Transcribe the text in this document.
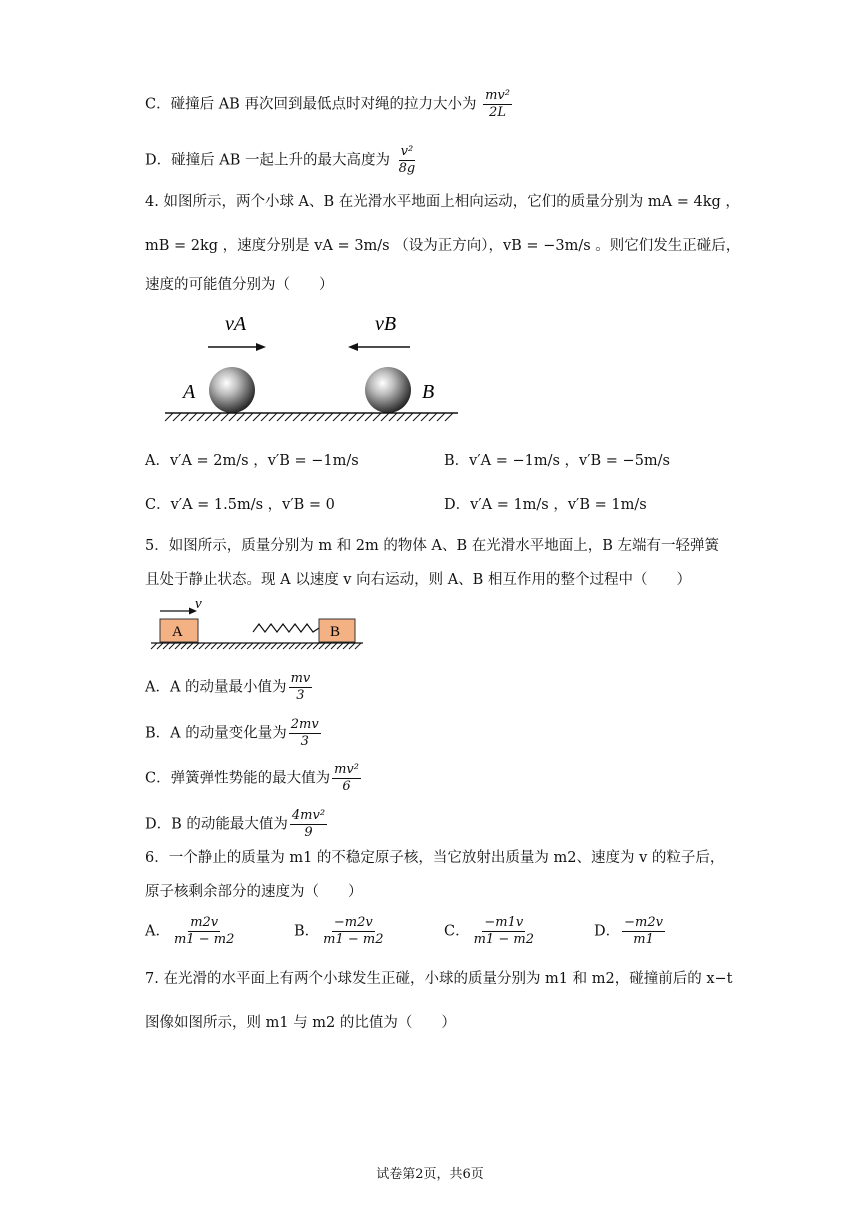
C．碰撞后 AB 再次回到最低点时对绳的拉力大小为 $\frac{\text{mv²}}{2L}$
D．碰撞后 AB 一起上升的最大高度为 $\frac{\text{v²}}{8g}$
4. 如图所示，两个小球 A、B 在光滑水平地面上相向运动，它们的质量分别为 mA = 4kg ，
mB = 2kg ，速度分别是 vA = 3m/s （设为正方向），vB = −3m/s 。则它们发生正碰后，
速度的可能值分别为（　　）
vA	vB
A	B
A．v′A = 2m/s ，v′B = −1m/s	B．v′A = −1m/s ，v′B = −5m/s
C．v′A = 1.5m/s ，v′B = 0	D．v′A = 1m/s ，v′B = 1m/s
5．如图所示，质量分别为 m 和 2m 的物体 A、B 在光滑水平地面上，B 左端有一轻弹簧
且处于静止状态。现 A 以速度 v 向右运动，则 A、B 相互作用的整个过程中（　　）
v
A	B
A．A 的动量最小值为 $\frac{mv}{3}$
B．A 的动量变化量为 $\frac{2mv}{3}$
C．弹簧弹性势能的最大值为 $\frac{\text{mv²}}{6}$
D．B 的动能最大值为 $\frac{\text{4mv²}}{9}$
6．一个静止的质量为 m1 的不稳定原子核，当它放射出质量为 m2、速度为 v 的粒子后，
原子核剩余部分的速度为（　　）
A． $\frac{m2v}{m1 - m2}$	B． $\frac{-m2v}{m1 - m2}$	C． $\frac{-m1v}{m1 - m2}$	D． $\frac{-m2v}{m1}$
7. 在光滑的水平面上有两个小球发生正碰，小球的质量分别为 m1 和 m2，碰撞前后的 x−t
图像如图所示，则 m1 与 m2 的比值为（　　）
试卷第2页，共6页
